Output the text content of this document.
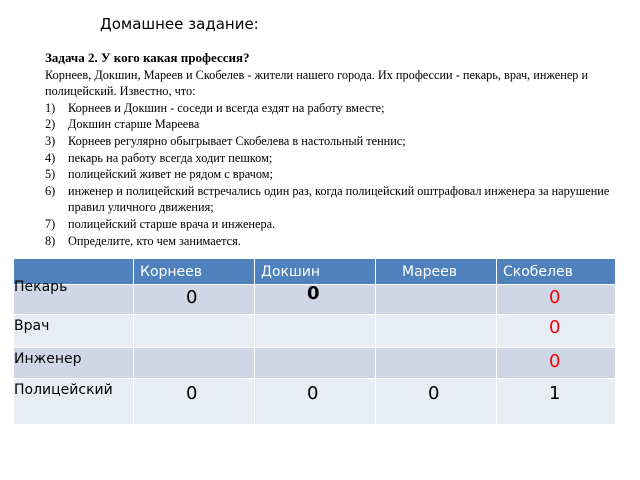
Домашнее задание:
Задача 2. У кого какая профессия?
Корнеев, Докшин, Мареев и Скобелев - жители нашего города. Их профессии - пекарь, врач, инженер и полицейский. Известно, что:
1)	Корнеев и Докшин - соседи и всегда ездят на работу вместе;
2)	Докшин старше Мареева
3)	Корнеев регулярно обыгрывает Скобелева в настольный теннис;
4)	пекарь на работу всегда ходит пешком;
5)	полицейский живет не рядом с врачом;
6)	инженер и полицейский встречались один раз, когда полицейский оштрафовал инженера за нарушение правил уличного движения;
7)	полицейский старше врача и инженера.
8)	Определите, кто чем занимается.

	Корнеев	Докшин	Мареев	Скобелев

Пекарь	0	0		0

Врач				0

Инженер				0

Полицейский	0	0	0	1
